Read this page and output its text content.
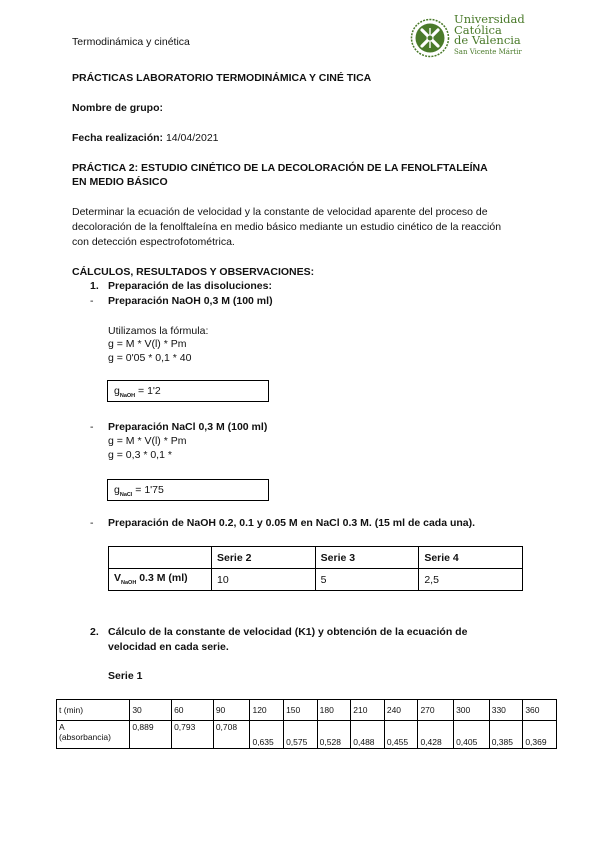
Termodinámica y cinética
Universidad
Católica
de Valencia
San Vicente Mártir
PRÁCTICAS LABORATORIO TERMODINÁMICA Y CINÉ TICA
Nombre de grupo:
Fecha realización: 14/04/2021
PRÁCTICA 2: ESTUDIO CINÉTICO DE LA DECOLORACIÓN DE LA FENOLFTALEÍNA
EN MEDIO BÁSICO
Determinar la ecuación de velocidad y la constante de velocidad aparente del proceso de
decoloración de la fenolftaleína en medio básico mediante un estudio cinético de la reacción
con detección espectrofotométrica.
CÁLCULOS, RESULTADOS Y OBSERVACIONES:
1. Preparación de las disoluciones:
- Preparación NaOH 0,3 M (100 ml)
Utilizamos la fórmula:
g = M * V(l) * Pm
g = 0'05 * 0,1 * 40
$g_{NaOH} = 1'2$
- Preparación NaCl 0,3 M (100 ml)
g = M * V(l) * Pm
g = 0,3 * 0,1 *
$g_{NaCl} = 1'75$
- Preparación de NaOH 0.2, 0.1 y 0.05 M en NaCl 0.3 M. (15 ml de cada una).
	Serie 2	Serie 3	Serie 4
$V_{NaOH}$ 0.3 M (ml)	10	5	2,5
2. Cálculo de la constante de velocidad (K1) y obtención de la ecuación de
velocidad en cada serie.
Serie 1
t (min)	30	60	90	120	150	180	210	240	270	300	330	360

A
(absorbancia)	0,889	0,793	0,708	0,635	0,575	0,528	0,488	0,455	0,428	0,405	0,385	0,369
